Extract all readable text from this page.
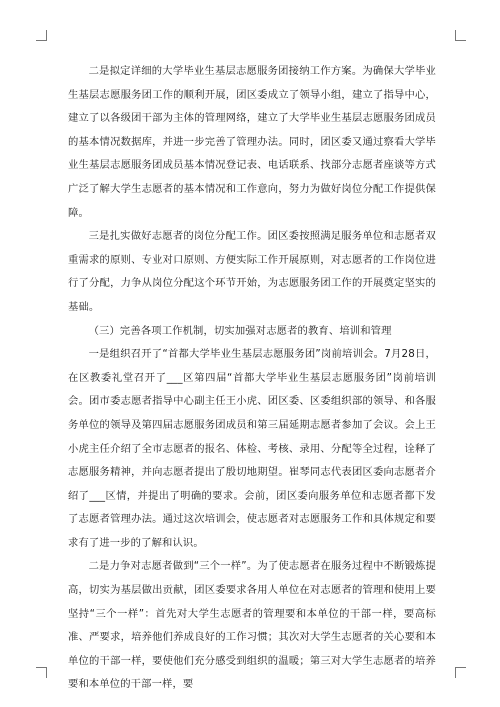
二是拟定详细的大学毕业生基层志愿服务团接纳工作方案。为确保大学毕业生基层志愿服务团工作的顺利开展，团区委成立了领导小组，建立了指导中心，建立了以各级团干部为主体的管理网络，建立了大学毕业生基层志愿服务团成员的基本情况数据库，并进一步完善了管理办法。同时，团区委又通过察看大学毕业生基层志愿服务团成员基本情况登记表、电话联系、找部分志愿者座谈等方式广泛了解大学生志愿者的基本情况和工作意向，努力为做好岗位分配工作提供保障。

三是扎实做好志愿者的岗位分配工作。团区委按照满足服务单位和志愿者双重需求的原则、专业对口原则、方便实际工作开展原则，对志愿者的工作岗位进行了分配，力争从岗位分配这个环节开始，为志愿服务团工作的开展奠定坚实的基础。

（三）完善各项工作机制，切实加强对志愿者的教育、培训和管理

一是组织召开了“首都大学毕业生基层志愿服务团”岗前培训会。7月28日，在区教委礼堂召开了___区第四届“首都大学毕业生基层志愿服务团”岗前培训会。团市委志愿者指导中心副主任王小虎、团区委、区委组织部的领导、和各服务单位的领导及第四届志愿服务团成员和第三届延期志愿者参加了会议。会上王小虎主任介绍了全市志愿者的报名、体检、考核、录用、分配等全过程，诠释了志愿服务精神，并向志愿者提出了殷切地期望。崔琴同志代表团区委向志愿者介绍了___区情，并提出了明确的要求。会前，团区委向服务单位和志愿者都下发了志愿者管理办法。通过这次培训会，使志愿者对志愿服务工作和具体规定和要求有了进一步的了解和认识。

二是力争对志愿者做到“三个一样”。为了使志愿者在服务过程中不断锻炼提高，切实为基层做出贡献，团区委要求各用人单位在对志愿者的管理和使用上要坚持“三个一样”：首先对大学生志愿者的管理要和本单位的干部一样，要高标准、严要求，培养他们养成良好的工作习惯；其次对大学生志愿者的关心要和本单位的干部一样，要使他们充分感受到组织的温暖；第三对大学生志愿者的培养要和本单位的干部一样，要
